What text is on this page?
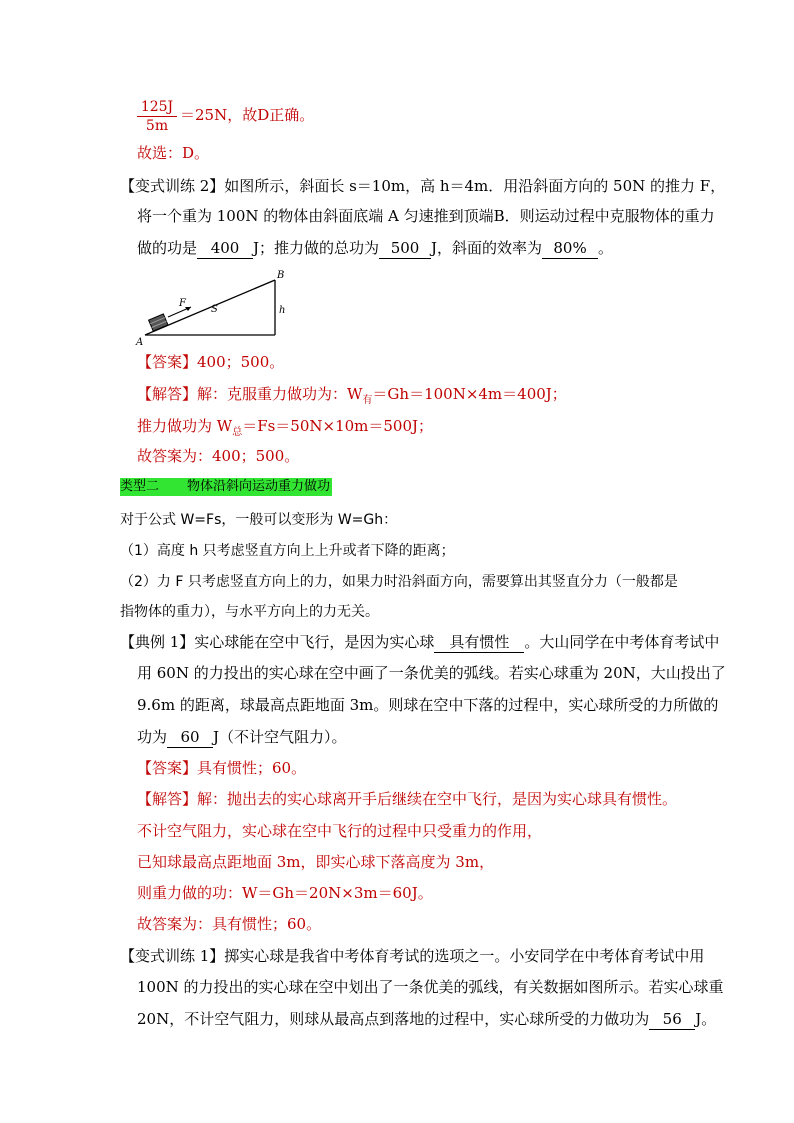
$\frac{125J}{5m} =25N$，故D正确。
故选：D。
【变式训练 2】如图所示，斜面长 s＝10m，高 h＝4m．用沿斜面方向的 50N 的推力 F，
将一个重为 100N 的物体由斜面底端 A 匀速推到顶端B．则运动过程中克服物体的重力
做的功是 400 J；推力做的总功为 500 J，斜面的效率为 80% 。
B
F
S	h
A
【答案】400；500。
【解答】解：克服重力做功为：$W_有=Gh=100N\times 4m=400J$；
推力做功为 $W_总=Fs=50N\times 10m=500J$；
故答案为：400；500。
类型二 物体沿斜向运动重力做功
对于公式 W=Fs，一般可以变形为 W=Gh：
（1）高度 h 只考虑竖直方向上上升或者下降的距离；
（2）力 F 只考虑竖直方向上的力，如果力时沿斜面方向，需要算出其竖直分力（一般都是
指物体的重力），与水平方向上的力无关。
【典例 1】实心球能在空中飞行，是因为实心球 具有惯性 。大山同学在中考体育考试中
用 60N 的力投出的实心球在空中画了一条优美的弧线。若实心球重为 20N，大山投出了
9.6m 的距离，球最高点距地面 3m。则球在空中下落的过程中，实心球所受的力所做的
功为 60 J（不计空气阻力）。
【答案】具有惯性；60。
【解答】解：抛出去的实心球离开手后继续在空中飞行，是因为实心球具有惯性。
不计空气阻力，实心球在空中飞行的过程中只受重力的作用，
已知球最高点距地面 3m，即实心球下落高度为 3m，
则重力做的功：W＝Gh＝20N×3m＝60J。
故答案为：具有惯性；60。
【变式训练 1】掷实心球是我省中考体育考试的选项之一。小安同学在中考体育考试中用
100N 的力投出的实心球在空中划出了一条优美的弧线，有关数据如图所示。若实心球重
20N，不计空气阻力，则球从最高点到落地的过程中，实心球所受的力做功为 56 J。
